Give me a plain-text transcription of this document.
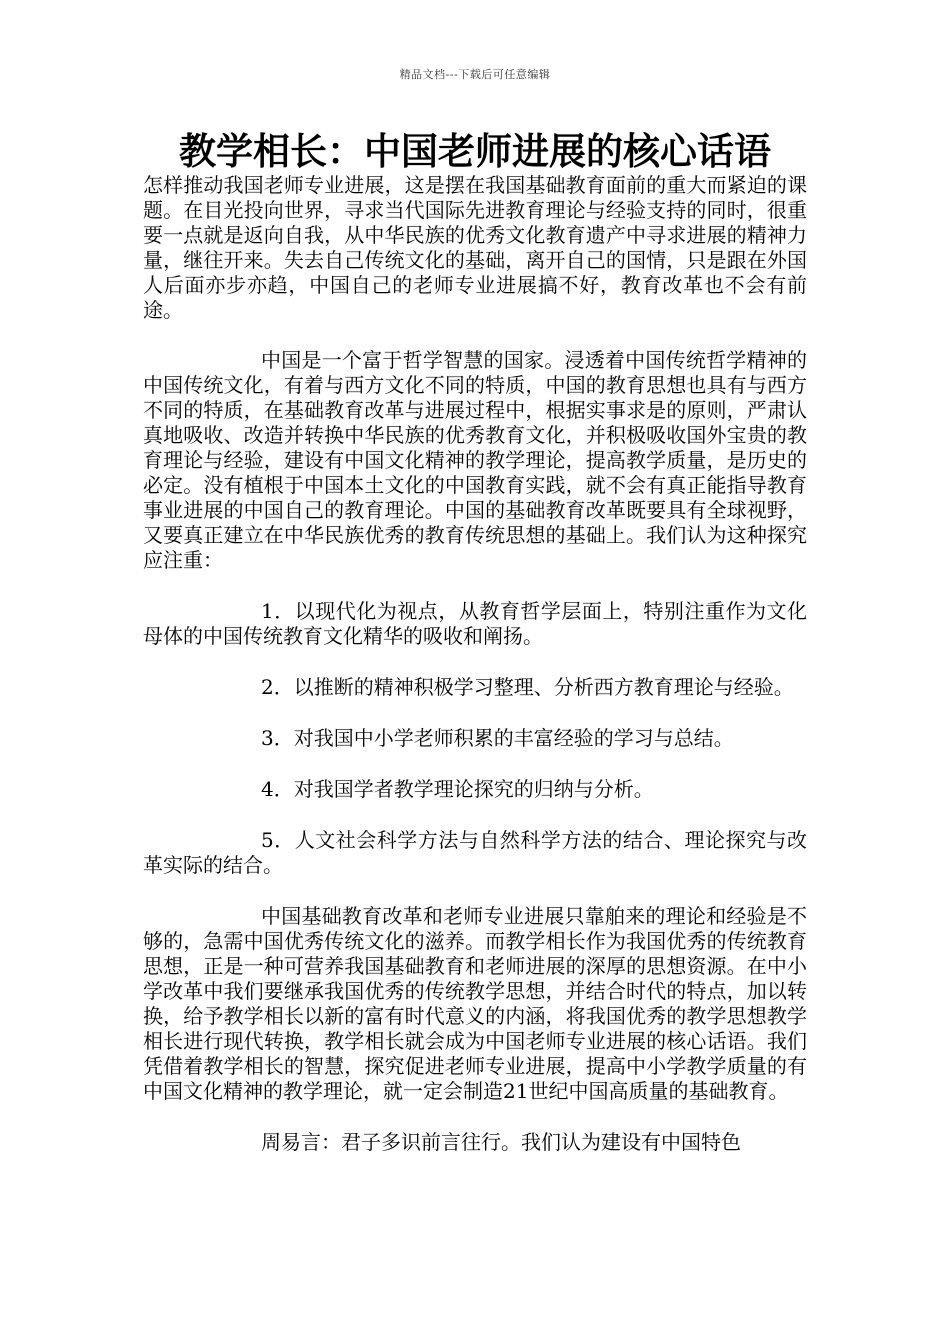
精品文档---下载后可任意编辑
教学相长：中国老师进展的核心话语

怎样推动我国老师专业进展，这是摆在我国基础教育面前的重大而紧迫的课题。在目光投向世界，寻求当代国际先进教育理论与经验支持的同时，很重要一点就是返向自我，从中华民族的优秀文化教育遗产中寻求进展的精神力量，继往开来。失去自己传统文化的基础，离开自己的国情，只是跟在外国人后面亦步亦趋，中国自己的老师专业进展搞不好，教育改革也不会有前途。

中国是一个富于哲学智慧的国家。浸透着中国传统哲学精神的中国传统文化，有着与西方文化不同的特质，中国的教育思想也具有与西方不同的特质，在基础教育改革与进展过程中，根据实事求是的原则，严肃认真地吸收、改造并转换中华民族的优秀教育文化，并积极吸收国外宝贵的教育理论与经验，建设有中国文化精神的教学理论，提高教学质量，是历史的必定。没有植根于中国本土文化的中国教育实践，就不会有真正能指导教育事业进展的中国自己的教育理论。中国的基础教育改革既要具有全球视野，又要真正建立在中华民族优秀的教育传统思想的基础上。我们认为这种探究应注重：

1．以现代化为视点，从教育哲学层面上，特别注重作为文化母体的中国传统教育文化精华的吸收和阐扬。

2．以推断的精神积极学习整理、分析西方教育理论与经验。

3．对我国中小学老师积累的丰富经验的学习与总结。

4．对我国学者教学理论探究的归纳与分析。

5．人文社会科学方法与自然科学方法的结合、理论探究与改革实际的结合。

中国基础教育改革和老师专业进展只靠舶来的理论和经验是不够的，急需中国优秀传统文化的滋养。而教学相长作为我国优秀的传统教育思想，正是一种可营养我国基础教育和老师进展的深厚的思想资源。在中小学改革中我们要继承我国优秀的传统教学思想，并结合时代的特点，加以转换，给予教学相长以新的富有时代意义的内涵，将我国优秀的教学思想教学相长进行现代转换，教学相长就会成为中国老师专业进展的核心话语。我们凭借着教学相长的智慧，探究促进老师专业进展，提高中小学教学质量的有中国文化精神的教学理论，就一定会制造21世纪中国高质量的基础教育。

周易言：君子多识前言往行。我们认为建设有中国特色
